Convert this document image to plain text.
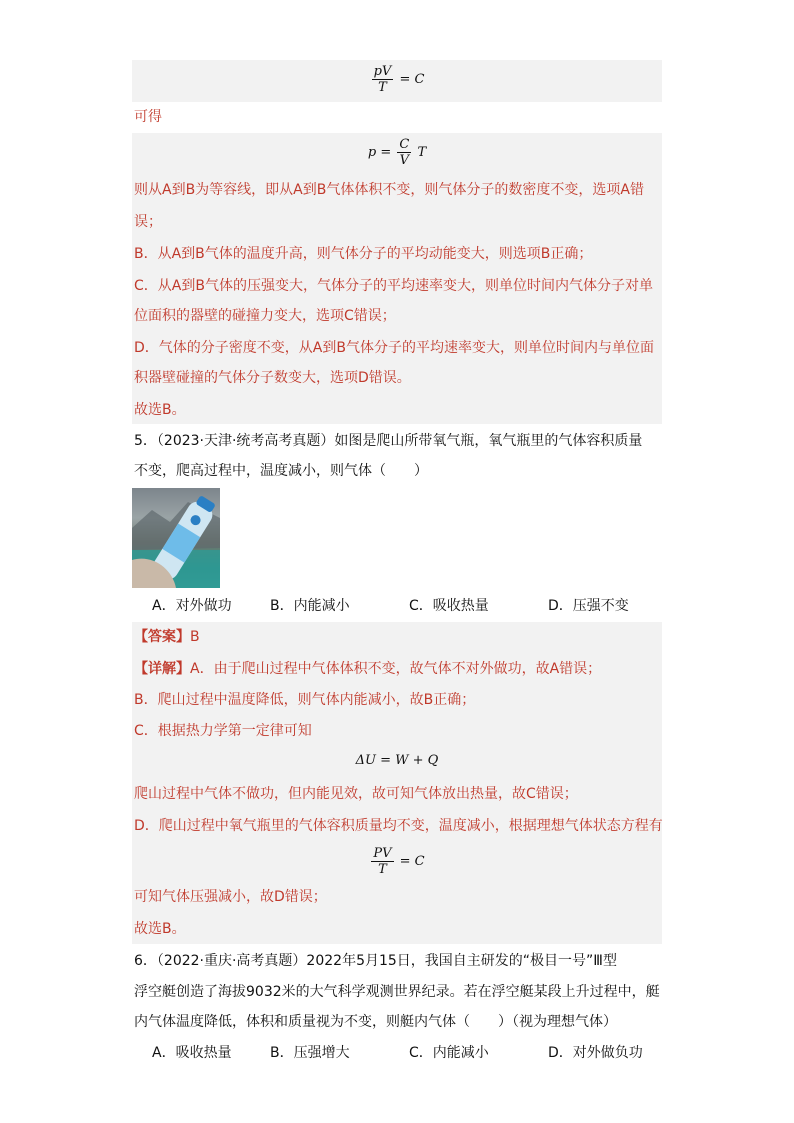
$\frac{pV}{T} = C$
可得
$p = \frac{C}{V}$ T
则从A到B为等容线，即从A到B气体体积不变，则气体分子的数密度不变，选项A错
误；
B．从A到B气体的温度升高，则气体分子的平均动能变大，则选项B正确；
C．从A到B气体的压强变大，气体分子的平均速率变大，则单位时间内气体分子对单
位面积的器壁的碰撞力变大，选项C错误；
D．气体的分子密度不变，从A到B气体分子的平均速率变大，则单位时间内与单位面
积器壁碰撞的气体分子数变大，选项D错误。
故选B。
5．（2023·天津·统考高考真题）如图是爬山所带氧气瓶，氧气瓶里的气体容积质量
不变，爬高过程中，温度减小，则气体（　　）
A．对外做功	B．内能减小	C．吸收热量	D．压强不变
【答案】B
【详解】A．由于爬山过程中气体体积不变，故气体不对外做功，故A错误；
B．爬山过程中温度降低，则气体内能减小，故B正确；
C．根据热力学第一定律可知
ΔU = W + Q
爬山过程中气体不做功，但内能见效，故可知气体放出热量，故C错误；
D．爬山过程中氧气瓶里的气体容积质量均不变，温度减小，根据理想气体状态方程有
$\frac{PV}{T} = C$
可知气体压强减小，故D错误；
故选B。
6．（2022·重庆·高考真题）2022年5月15日，我国自主研发的“极目一号”Ⅲ型
浮空艇创造了海拔9032米的大气科学观测世界纪录。若在浮空艇某段上升过程中，艇
内气体温度降低，体积和质量视为不变，则艇内气体（　　）（视为理想气体）
A．吸收热量	B．压强增大	C．内能减小	D．对外做负功
